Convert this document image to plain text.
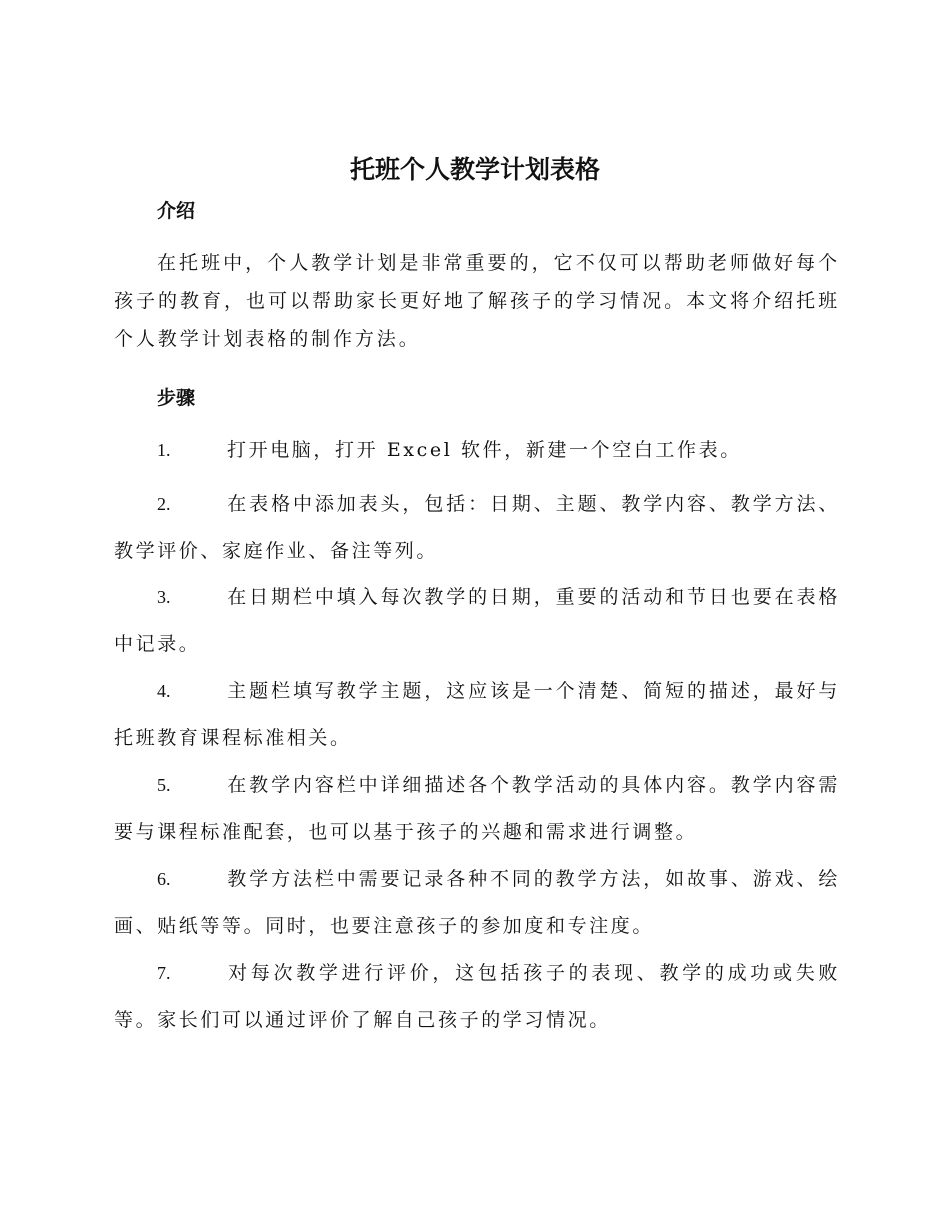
托班个人教学计划表格
介绍

在托班中，个人教学计划是非常重要的，它不仅可以帮助老师做好每个孩子的教育，也可以帮助家长更好地了解孩子的学习情况。本文将介绍托班个人教学计划表格的制作方法。

步骤

1.	打开电脑，打开 Excel 软件，新建一个空白工作表。

2.	在表格中添加表头，包括：日期、主题、教学内容、教学方法、教学评价、家庭作业、备注等列。

3.	在日期栏中填入每次教学的日期，重要的活动和节日也要在表格中记录。

4.	主题栏填写教学主题，这应该是一个清楚、简短的描述，最好与托班教育课程标准相关。

5.	在教学内容栏中详细描述各个教学活动的具体内容。教学内容需要与课程标准配套，也可以基于孩子的兴趣和需求进行调整。

6.	教学方法栏中需要记录各种不同的教学方法，如故事、游戏、绘画、贴纸等等。同时，也要注意孩子的参加度和专注度。

7.	对每次教学进行评价，这包括孩子的表现、教学的成功或失败等。家长们可以通过评价了解自己孩子的学习情况。
